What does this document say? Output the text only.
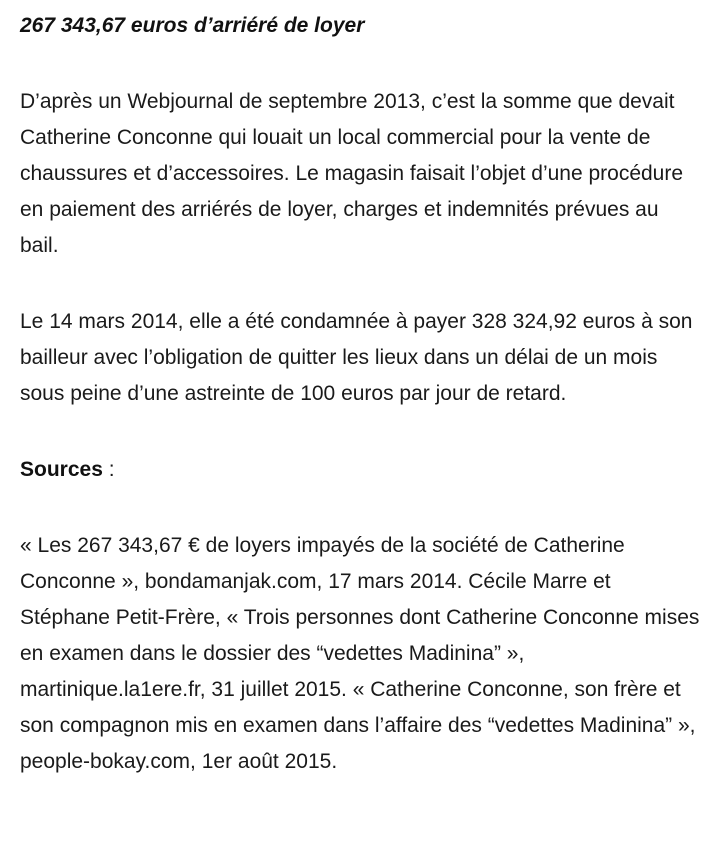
267 343,67 euros d’arriéré de loyer

D’après un Webjournal de septembre 2013, c’est la somme que devait Catherine Conconne qui louait un local commercial pour la vente de chaussures et d’accessoires. Le magasin faisait l’objet d’une procédure en paiement des arriérés de loyer, charges et indemnités prévues au bail.

Le 14 mars 2014, elle a été condamnée à payer 328 324,92 euros à son bailleur avec l’obligation de quitter les lieux dans un délai de un mois sous peine d’une astreinte de 100 euros par jour de retard.

Sources :

« Les 267 343,67 € de loyers impayés de la société de Catherine Conconne », bondamanjak.com, 17 mars 2014. Cécile Marre et Stéphane Petit-Frère, « Trois personnes dont Catherine Conconne mises en examen dans le dossier des “vedettes Madinina” », martinique.la1ere.fr, 31 juillet 2015. « Catherine Conconne, son frère et son compagnon mis en examen dans l’affaire des “vedettes Madinina” », people-bokay.com, 1er août 2015.
